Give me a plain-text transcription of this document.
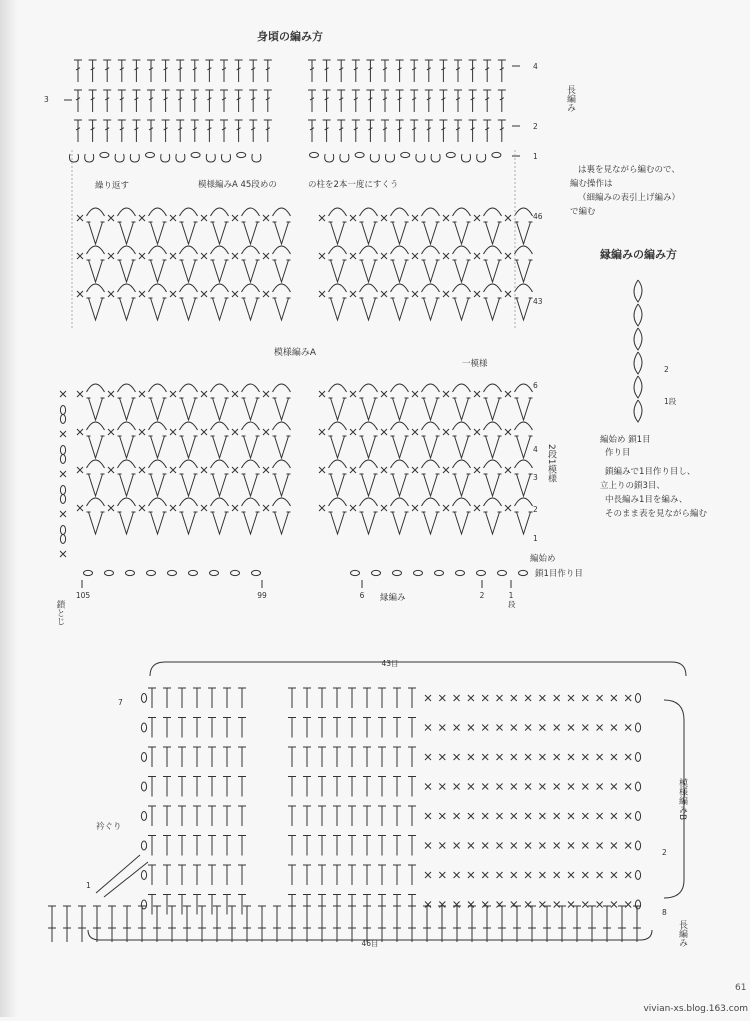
身頃の編み方
長編み
繰り返す	模様編みA 45段めの	の柱を2本一度にすくう
は裏を見ながら編むので、
編む操作は
（細編みの表引上げ編み）
で編む
縁編みの編み方
模様編みA
一模様
編始め 鎖1目
作り目
鎖編みで1目作り目し、
立上りの鎖3目、
中長編み1目を編み、
そのまま表を見ながら編む
2段1模様
編始め
鎖1目作り目
縁編み
段
鎖とじ
3
4
2
1
46
43
6
4
3
2
1
2
1段
105	99	6	2	1
43目
46目
7
1
2
8
衿ぐり
模様編みB
長編み
61
vivian-xs.blog.163.com
